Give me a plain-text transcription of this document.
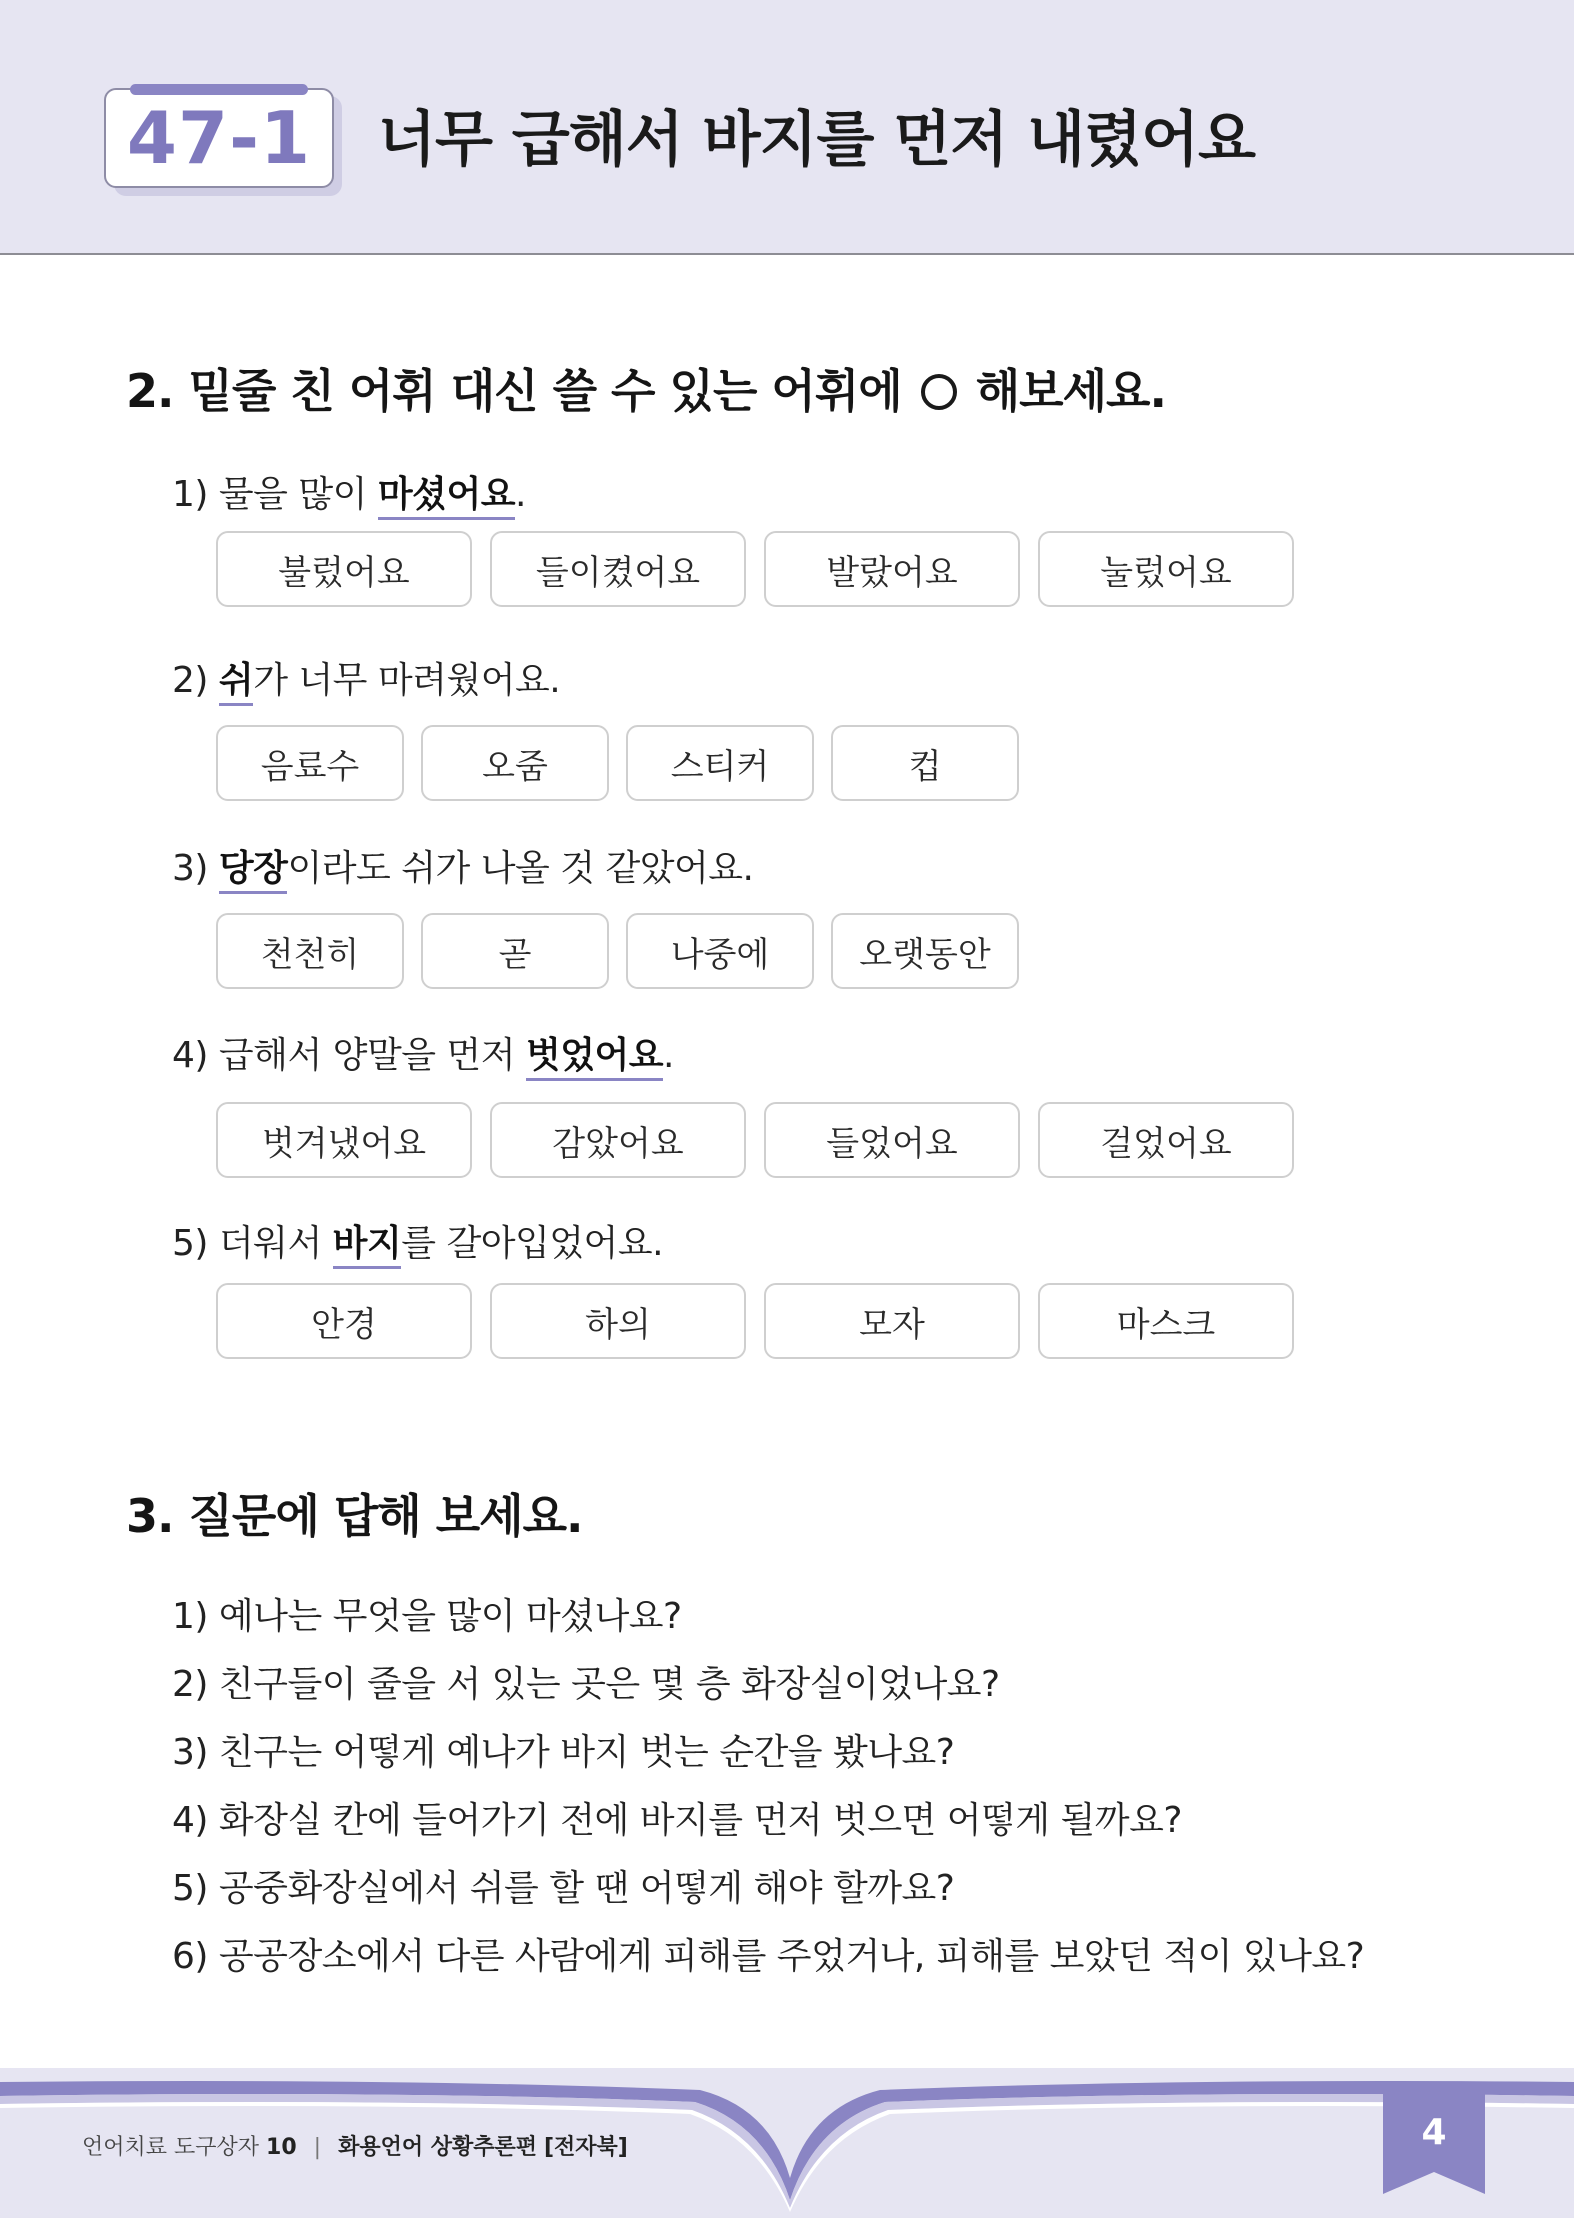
47-1 너무 급해서 바지를 먼저 내렸어요
2. 밑줄 친 어휘 대신 쓸 수 있는 어휘에 해보세요.
1) 물을 많이 마셨어요.
불렀어요	들이켰어요	발랐어요	눌렀어요
2) 쉬가 너무 마려웠어요.
음료수	오줌	스티커	컵
3) 당장이라도 쉬가 나올 것 같았어요.
천천히	곧	나중에	오랫동안
4) 급해서 양말을 먼저 벗었어요.
벗겨냈어요	감았어요	들었어요	걸었어요
5) 더워서 바지를 갈아입었어요.
안경	하의	모자	마스크
3. 질문에 답해 보세요.
1) 예나는 무엇을 많이 마셨나요?
2) 친구들이 줄을 서 있는 곳은 몇 층 화장실이었나요?
3) 친구는 어떻게 예나가 바지 벗는 순간을 봤나요?
4) 화장실 칸에 들어가기 전에 바지를 먼저 벗으면 어떻게 될까요?
5) 공중화장실에서 쉬를 할 땐 어떻게 해야 할까요?
6) 공공장소에서 다른 사람에게 피해를 주었거나, 피해를 보았던 적이 있나요?
언어치료 도구상자 10 | 화용언어 상황추론편 [전자북]	4
